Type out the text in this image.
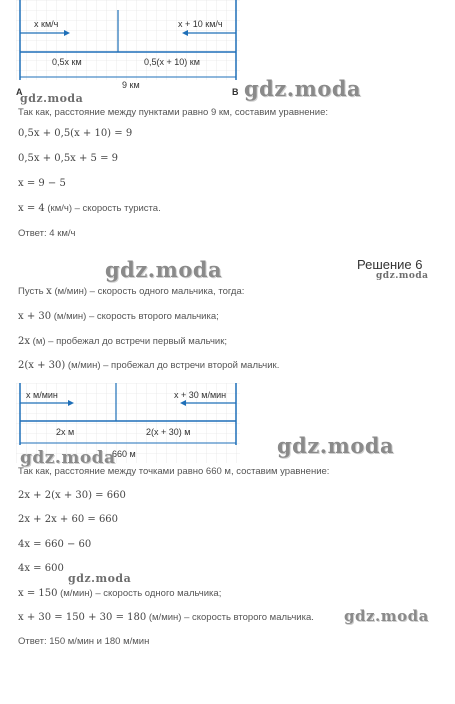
x км/ч	x + 10 км/ч
0,5x км	0,5(x + 10) км
9 км
A	B
gdz.moda	gdz.moda
Так как, расстояние между пунктами равно 9 км, составим уравнение:
0,5x + 0,5(x + 10) = 9
0,5x + 0,5x + 5 = 9
x = 9 − 5
x = 4 (км/ч) – скорость туриста.
Ответ: 4 км/ч
gdz.moda	Решение 6
gdz.moda
Пусть x (м/мин) – скорость одного мальчика, тогда:
x + 30 (м/мин) – скорость второго мальчика;
2x (м) – пробежал до встречи первый мальчик;
2(x + 30) (м/мин) – пробежал до встречи второй мальчик.
x м/мин	x + 30 м/мин
2x м	2(x + 30) м
660 м
gdz.moda	gdz.moda
Так как, расстояние между точками равно 660 м, составим уравнение:
2x + 2(x + 30) = 660
2x + 2x + 60 = 660
4x = 660 − 60
4x = 600
gdz.moda
x = 150 (м/мин) – скорость одного мальчика;
x + 30 = 150 + 30 = 180 (м/мин) – скорость второго мальчика. gdz.moda
Ответ: 150 м/мин и 180 м/мин
